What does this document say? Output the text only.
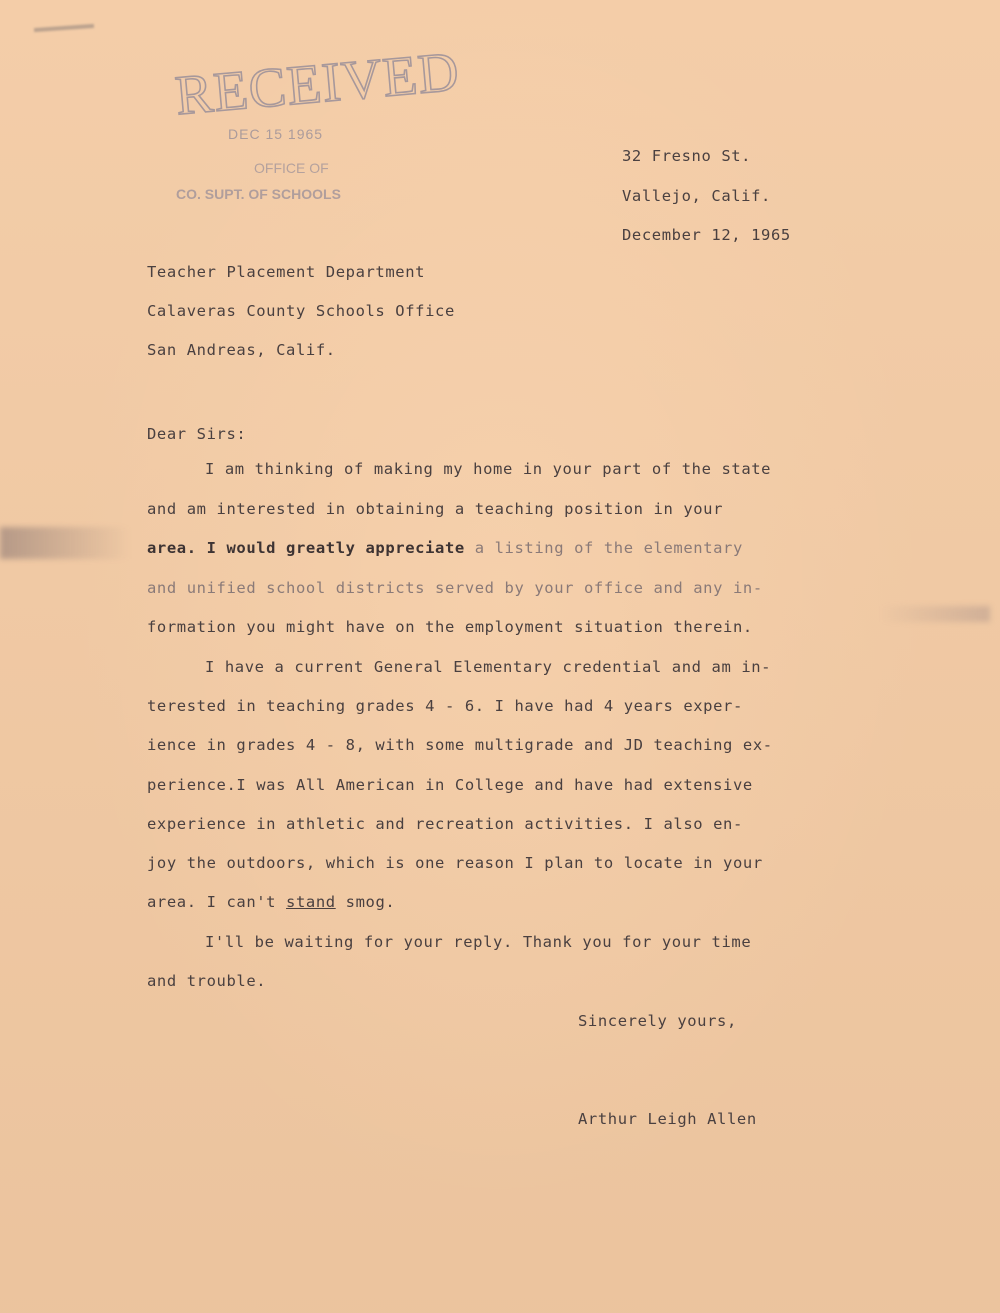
RECEIVED
DEC 15 1965
OFFICE OF
CO. SUPT. OF SCHOOLS
32 Fresno St.
Vallejo, Calif.
December 12, 1965
Teacher Placement Department
Calaveras County Schools Office
San Andreas, Calif.
Dear Sirs:
I am thinking of making my home in your part of the state
and am interested in obtaining a teaching position in your
area. I would greatly appreciate a listing of the elementary
and unified school districts served by your office and any in-
formation you might have on the employment situation therein.
I have a current General Elementary credential and am in-
terested in teaching grades 4 - 6. I have had 4 years exper-
ience in grades 4 - 8, with some multigrade and JD teaching ex-
perience.I was All American in College and have had extensive
experience in athletic and recreation activities. I also en-
joy the outdoors, which is one reason I plan to locate in your
area. I can't stand smog.
I'll be waiting for your reply. Thank you for your time
and trouble.
Sincerely yours,
Arthur Leigh Allen
